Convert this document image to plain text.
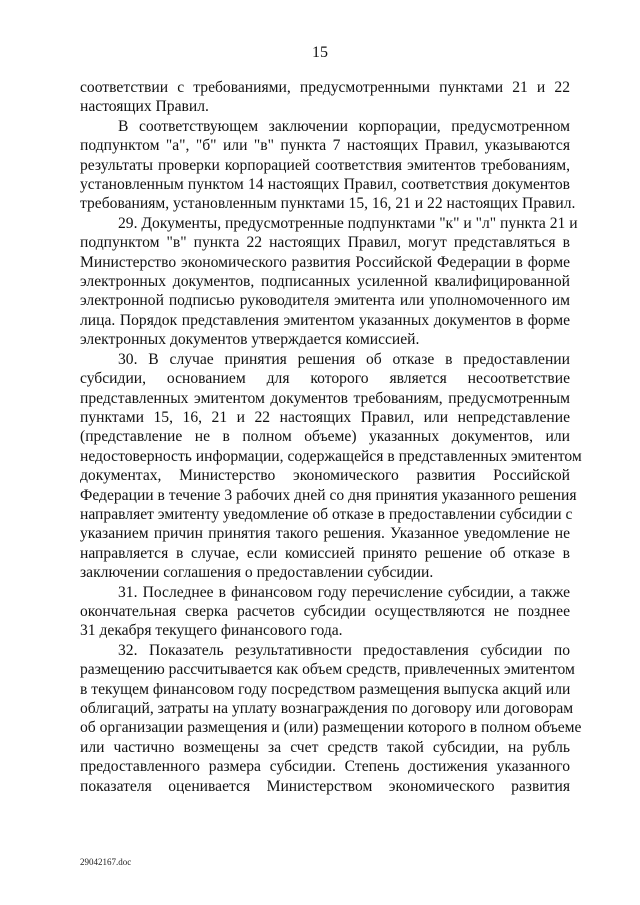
15
соответствии с требованиями, предусмотренными пунктами 21 и 22
настоящих Правил.
В соответствующем заключении корпорации, предусмотренном
подпунктом "а", "б" или "в" пункта 7 настоящих Правил, указываются
результаты проверки корпорацией соответствия эмитентов требованиям,
установленным пунктом 14 настоящих Правил, соответствия документов
требованиям, установленным пунктами 15, 16, 21 и 22 настоящих Правил.
29. Документы, предусмотренные подпунктами "к" и "л" пункта 21 и
подпунктом "в" пункта 22 настоящих Правил, могут представляться в
Министерство экономического развития Российской Федерации в форме
электронных документов, подписанных усиленной квалифицированной
электронной подписью руководителя эмитента или уполномоченного им
лица. Порядок представления эмитентом указанных документов в форме
электронных документов утверждается комиссией.
30. В случае принятия решения об отказе в предоставлении
субсидии, основанием для которого является несоответствие
представленных эмитентом документов требованиям, предусмотренным
пунктами 15, 16, 21 и 22 настоящих Правил, или непредставление
(представление не в полном объеме) указанных документов, или
недостоверность информации, содержащейся в представленных эмитентом
документах, Министерство экономического развития Российской
Федерации в течение 3 рабочих дней со дня принятия указанного решения
направляет эмитенту уведомление об отказе в предоставлении субсидии с
указанием причин принятия такого решения. Указанное уведомление не
направляется в случае, если комиссией принято решение об отказе в
заключении соглашения о предоставлении субсидии.
31. Последнее в финансовом году перечисление субсидии, а также
окончательная сверка расчетов субсидии осуществляются не позднее
31 декабря текущего финансового года.
32. Показатель результативности предоставления субсидии по
размещению рассчитывается как объем средств, привлеченных эмитентом
в текущем финансовом году посредством размещения выпуска акций или
облигаций, затраты на уплату вознаграждения по договору или договорам
об организации размещения и (или) размещении которого в полном объеме
или частично возмещены за счет средств такой субсидии, на рубль
предоставленного размера субсидии. Степень достижения указанного
показателя оценивается Министерством экономического развития
29042167.doc
